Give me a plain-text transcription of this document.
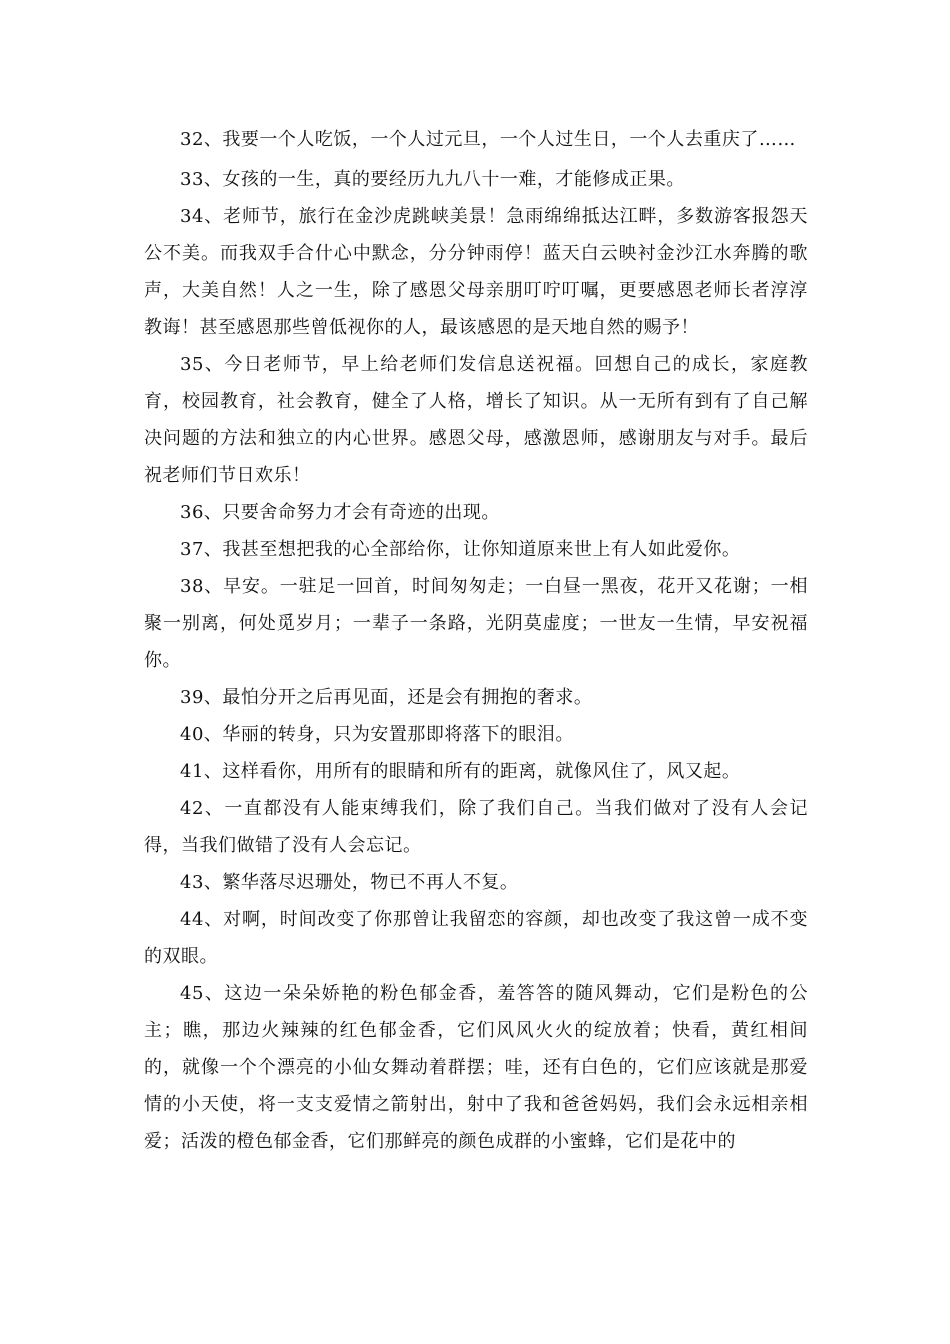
32、我要一个人吃饭，一个人过元旦，一个人过生日，一个人去重庆了……

33、女孩的一生，真的要经历九九八十一难，才能修成正果。

34、老师节，旅行在金沙虎跳峡美景！急雨绵绵抵达江畔，多数游客报怨天公不美。而我双手合什心中默念，分分钟雨停！蓝天白云映衬金沙江水奔腾的歌声，大美自然！人之一生，除了感恩父母亲朋叮咛叮嘱，更要感恩老师长者淳淳教诲！甚至感恩那些曾低视你的人，最该感恩的是天地自然的赐予！

35、今日老师节，早上给老师们发信息送祝福。回想自己的成长，家庭教育，校园教育，社会教育，健全了人格，增长了知识。从一无所有到有了自己解决问题的方法和独立的内心世界。感恩父母，感激恩师，感谢朋友与对手。最后祝老师们节日欢乐！

36、只要舍命努力才会有奇迹的出现。

37、我甚至想把我的心全部给你，让你知道原来世上有人如此爱你。

38、早安。一驻足一回首，时间匆匆走；一白昼一黑夜，花开又花谢；一相聚一别离，何处觅岁月；一辈子一条路，光阴莫虚度；一世友一生情，早安祝福你。

39、最怕分开之后再见面，还是会有拥抱的奢求。

40、华丽的转身，只为安置那即将落下的眼泪。

41、这样看你，用所有的眼睛和所有的距离，就像风住了，风又起。

42、一直都没有人能束缚我们，除了我们自己。当我们做对了没有人会记得，当我们做错了没有人会忘记。

43、繁华落尽迟珊处，物已不再人不复。

44、对啊，时间改变了你那曾让我留恋的容颜，却也改变了我这曾一成不变的双眼。

45、这边一朵朵娇艳的粉色郁金香，羞答答的随风舞动，它们是粉色的公主；瞧，那边火辣辣的红色郁金香，它们风风火火的绽放着；快看，黄红相间的，就像一个个漂亮的小仙女舞动着群摆；哇，还有白色的，它们应该就是那爱情的小天使，将一支支爱情之箭射出，射中了我和爸爸妈妈，我们会永远相亲相爱；活泼的橙色郁金香，它们那鲜亮的颜色成群的小蜜蜂，它们是花中的
